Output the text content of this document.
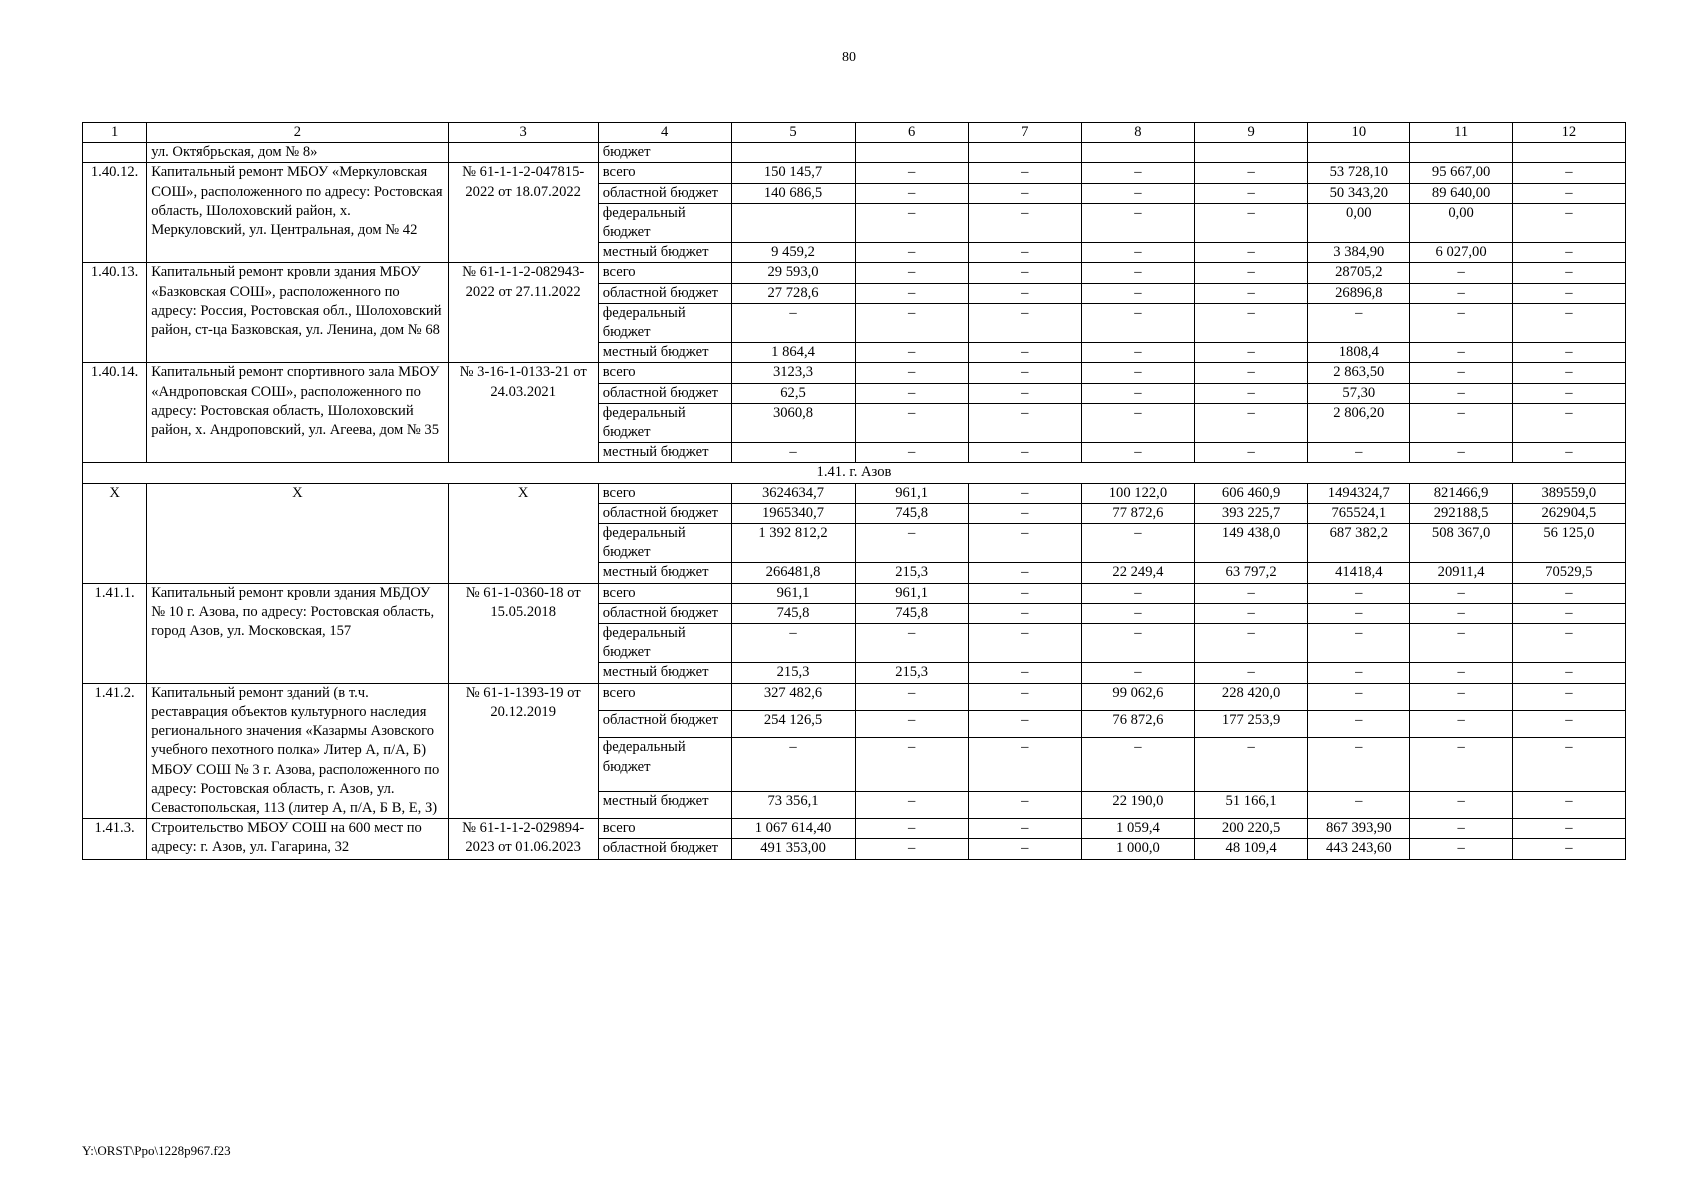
80
1	2	3	4	5	6	7	8	9	10	11	12
	ул. Октябрьская, дом № 8»		бюджет								
1.40.12.	Капитальный ремонт МБОУ «Меркуловская СОШ», расположенного по адресу: Ростовская область, Шолоховский район, х. Меркуловский, ул. Центральная, дом № 42	№ 61-1-1-2-047815-2022 от 18.07.2022	всего	150 145,7	–	–	–	–	53 728,10	95 667,00	–
			областной бюджет	140 686,5	–	–	–	–	50 343,20	89 640,00	–
			федеральный бюджет		–	–	–	–	0,00	0,00	–
			местный бюджет	9 459,2	–	–	–	–	3 384,90	6 027,00	–
1.40.13.	Капитальный ремонт кровли здания МБОУ «Базковская СОШ», расположенного по адресу: Россия, Ростовская обл., Шолоховский район, ст-ца Базковская, ул. Ленина, дом № 68	№ 61-1-1-2-082943-2022 от 27.11.2022	всего	29 593,0	–	–	–	–	28705,2	–	–
			областной бюджет	27 728,6	–	–	–	–	26896,8	–	–
			федеральный бюджет	–	–	–	–	–	–	–	–
			местный бюджет	1 864,4	–	–	–	–	1808,4	–	–
1.40.14.	Капитальный ремонт спортивного зала МБОУ «Андроповская СОШ», расположенного по адресу: Ростовская область, Шолоховский район, х. Андроповский, ул. Агеева, дом № 35	№ 3-16-1-0133-21 от 24.03.2021	всего	3123,3	–	–	–	–	2 863,50	–	–
			областной бюджет	62,5	–	–	–	–	57,30	–	–
			федеральный бюджет	3060,8	–	–	–	–	2 806,20	–	–
			местный бюджет	–	–	–	–	–	–	–	–
1.41. г. Азов											
X	X	X	всего	3624634,7	961,1	–	100 122,0	606 460,9	1494324,7	821466,9	389559,0
			областной бюджет	1965340,7	745,8	–	77 872,6	393 225,7	765524,1	292188,5	262904,5
			федеральный бюджет	1 392 812,2	–	–	–	149 438,0	687 382,2	508 367,0	56 125,0
			местный бюджет	266481,8	215,3	–	22 249,4	63 797,2	41418,4	20911,4	70529,5
1.41.1.	Капитальный ремонт кровли здания МБДОУ № 10 г. Азова, по адресу: Ростовская область, город Азов, ул. Московская, 157	№ 61-1-0360-18 от 15.05.2018	всего	961,1	961,1	–	–	–	–	–	–
			областной бюджет	745,8	745,8	–	–	–	–	–	–
			федеральный бюджет	–	–	–	–	–	–	–	–
			местный бюджет	215,3	215,3	–	–	–	–	–	–
1.41.2.	Капитальный ремонт зданий (в т.ч. реставрация объектов культурного наследия регионального значения «Казармы Азовского учебного пехотного полка» Литер А, п/А, Б) МБОУ СОШ № 3 г. Азова, расположенного по адресу: Ростовская область, г. Азов, ул. Севастопольская, 113 (литер А, п/А, Б В, Е, З)	№ 61-1-1393-19 от 20.12.2019	всего	327 482,6	–	–	99 062,6	228 420,0	–	–	–
			областной бюджет	254 126,5	–	–	76 872,6	177 253,9	–	–	–
			федеральный бюджет	–	–	–	–	–	–	–	–
			местный бюджет	73 356,1	–	–	22 190,0	51 166,1	–	–	–
1.41.3.	Строительство МБОУ СОШ на 600 мест по адресу: г. Азов, ул. Гагарина, 32	№ 61-1-1-2-029894-2023 от 01.06.2023	всего	1 067 614,40	–	–	1 059,4	200 220,5	867 393,90	–	–
			областной бюджет	491 353,00	–	–	1 000,0	48 109,4	443 243,60	–	–
Y:\ORST\Ppo\1228p967.f23
